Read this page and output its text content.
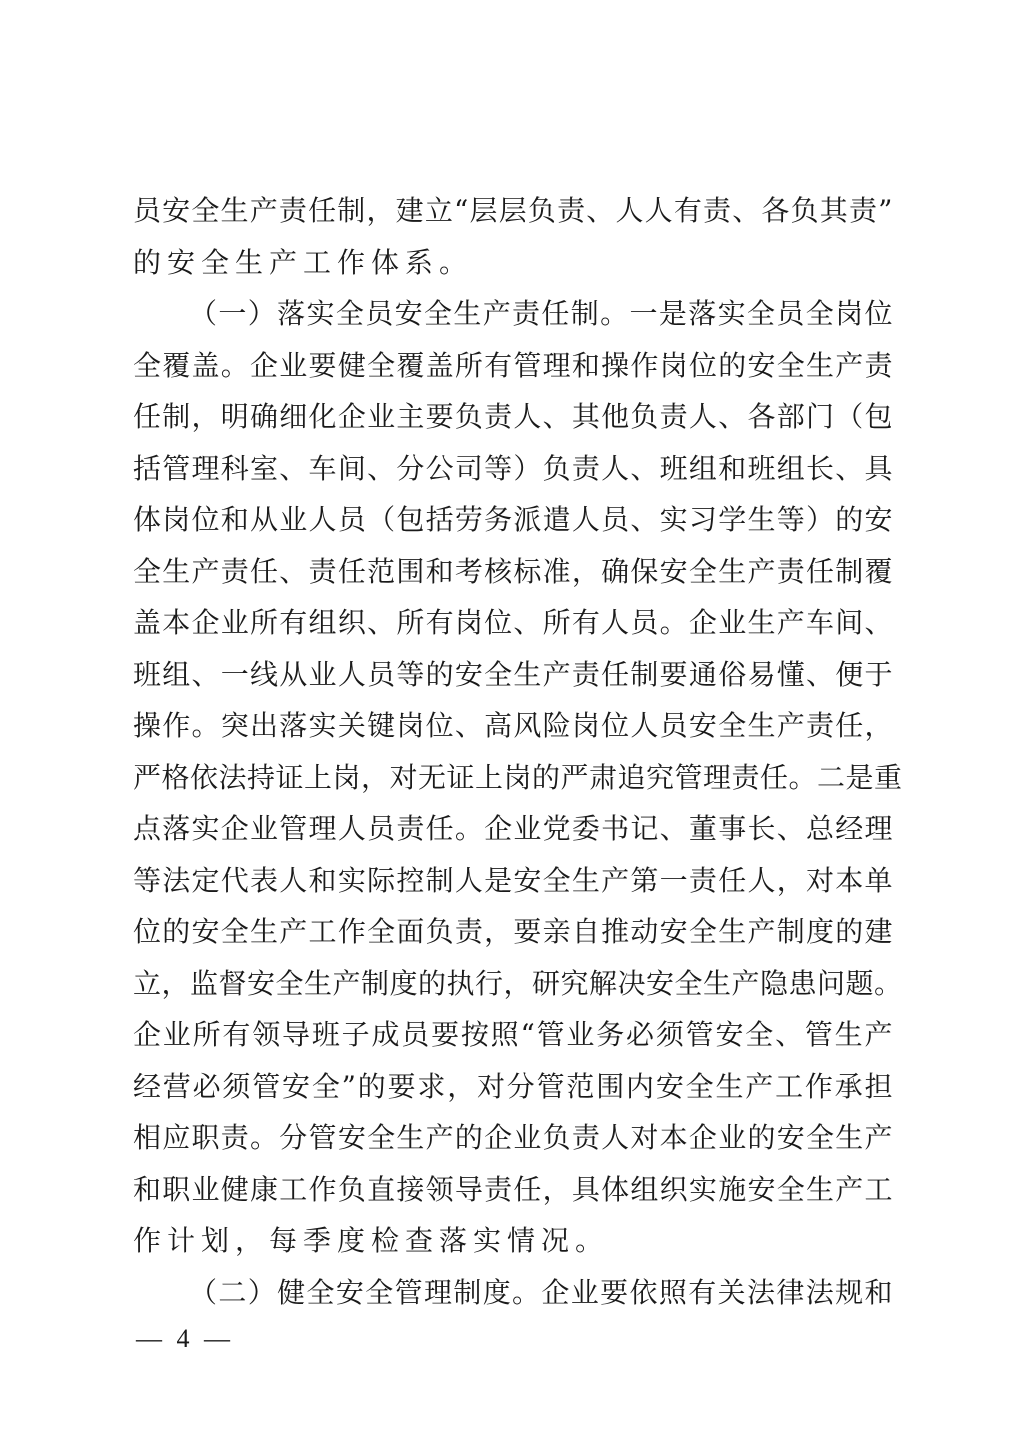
员安全生产责任制，建立“层层负责、人人有责、各负其责”
的安全生产工作体系。
（一）落实全员安全生产责任制。一是落实全员全岗位
全覆盖。企业要健全覆盖所有管理和操作岗位的安全生产责
任制，明确细化企业主要负责人、其他负责人、各部门（包
括管理科室、车间、分公司等）负责人、班组和班组长、具
体岗位和从业人员（包括劳务派遣人员、实习学生等）的安
全生产责任、责任范围和考核标准，确保安全生产责任制覆
盖本企业所有组织、所有岗位、所有人员。企业生产车间、
班组、一线从业人员等的安全生产责任制要通俗易懂、便于
操作。突出落实关键岗位、高风险岗位人员安全生产责任，
严格依法持证上岗，对无证上岗的严肃追究管理责任。二是重
点落实企业管理人员责任。企业党委书记、董事长、总经理
等法定代表人和实际控制人是安全生产第一责任人，对本单
位的安全生产工作全面负责，要亲自推动安全生产制度的建
立，监督安全生产制度的执行，研究解决安全生产隐患问题。
企业所有领导班子成员要按照“管业务必须管安全、管生产
经营必须管安全”的要求，对分管范围内安全生产工作承担
相应职责。分管安全生产的企业负责人对本企业的安全生产
和职业健康工作负直接领导责任，具体组织实施安全生产工
作计划，每季度检查落实情况。
（二）健全安全管理制度。企业要依照有关法律法规和
— 4 —
